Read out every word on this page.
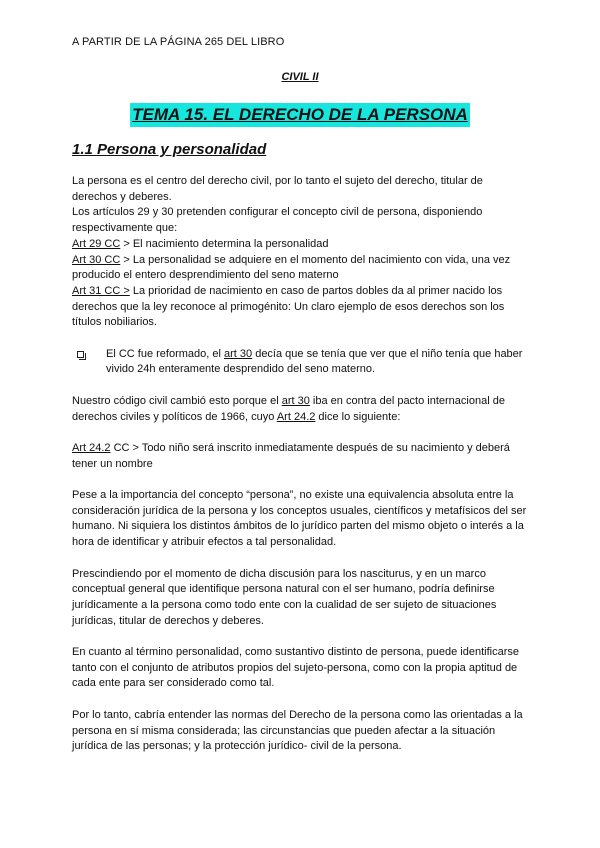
A PARTIR DE LA PÁGINA 265 DEL LIBRO
CIVIL II
TEMA 15. EL DERECHO DE LA PERSONA
1.1 Persona y personalidad

La persona es el centro del derecho civil, por lo tanto el sujeto del derecho, titular de derechos y deberes.

Los artículos 29 y 30 pretenden configurar el concepto civil de persona, disponiendo respectivamente que:

Art 29 CC > El nacimiento determina la personalidad

Art 30 CC > La personalidad se adquiere en el momento del nacimiento con vida, una vez producido el entero desprendimiento del seno materno

Art 31 CC > La prioridad de nacimiento en caso de partos dobles da al primer nacido los derechos que la ley reconoce al primogénito: Un claro ejemplo de esos derechos son los títulos nobiliarios.

El CC fue reformado, el art 30 decía que se tenía que ver que el niño tenía que haber vivido 24h enteramente desprendido del seno materno.

Nuestro código civil cambió esto porque el art 30 iba en contra del pacto internacional de derechos civiles y políticos de 1966, cuyo Art 24.2 dice lo siguiente:

Art 24.2 CC > Todo niño será inscrito inmediatamente después de su nacimiento y deberá tener un nombre

Pese a la importancia del concepto “persona”, no existe una equivalencia absoluta entre la consideración jurídica de la persona y los conceptos usuales, científicos y metafísicos del ser humano. Ni siquiera los distintos ámbitos de lo jurídico parten del mismo objeto o interés a la hora de identificar y atribuir efectos a tal personalidad.

Prescindiendo por el momento de dicha discusión para los nasciturus, y en un marco conceptual general que identifique persona natural con el ser humano, podría definirse jurídicamente a la persona como todo ente con la cualidad de ser sujeto de situaciones jurídicas, titular de derechos y deberes.

En cuanto al término personalidad, como sustantivo distinto de persona, puede identificarse tanto con el conjunto de atributos propios del sujeto-persona, como con la propia aptitud de cada ente para ser considerado como tal.

Por lo tanto, cabría entender las normas del Derecho de la persona como las orientadas a la persona en sí misma considerada; las circunstancias que pueden afectar a la situación jurídica de las personas; y la protección jurídico- civil de la persona.
